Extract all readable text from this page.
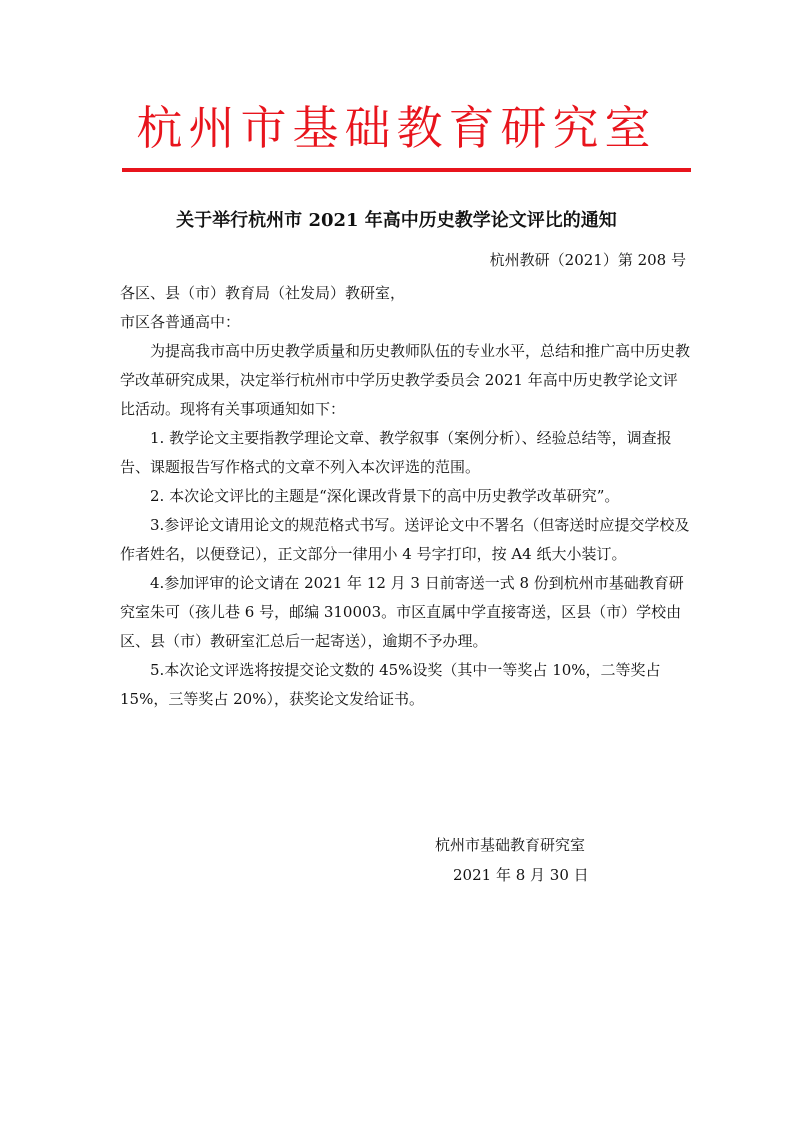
杭州市基础教育研究室
关于举行杭州市 2021 年高中历史教学论文评比的通知
杭州教研（2021）第 208 号

各区、县（市）教育局（社发局）教研室，

市区各普通高中：

为提高我市高中历史教学质量和历史教师队伍的专业水平，总结和推广高中历史教学改革研究成果，决定举行杭州市中学历史教学委员会 2021 年高中历史教学论文评比活动。现将有关事项通知如下：

1. 教学论文主要指教学理论文章、教学叙事（案例分析）、经验总结等，调查报告、课题报告写作格式的文章不列入本次评选的范围。

2. 本次论文评比的主题是“深化课改背景下的高中历史教学改革研究”。

3.参评论文请用论文的规范格式书写。送评论文中不署名（但寄送时应提交学校及作者姓名，以便登记），正文部分一律用小 4 号字打印，按 A4 纸大小装订。

4.参加评审的论文请在 2021 年 12 月 3 日前寄送一式 8 份到杭州市基础教育研究室朱可（孩儿巷 6 号，邮编 310003。市区直属中学直接寄送，区县（市）学校由区、县（市）教研室汇总后一起寄送），逾期不予办理。

5.本次论文评选将按提交论文数的 45%设奖（其中一等奖占 10%，二等奖占 15%，三等奖占 20%），获奖论文发给证书。

杭州市基础教育研究室
2021 年 8 月 30 日
